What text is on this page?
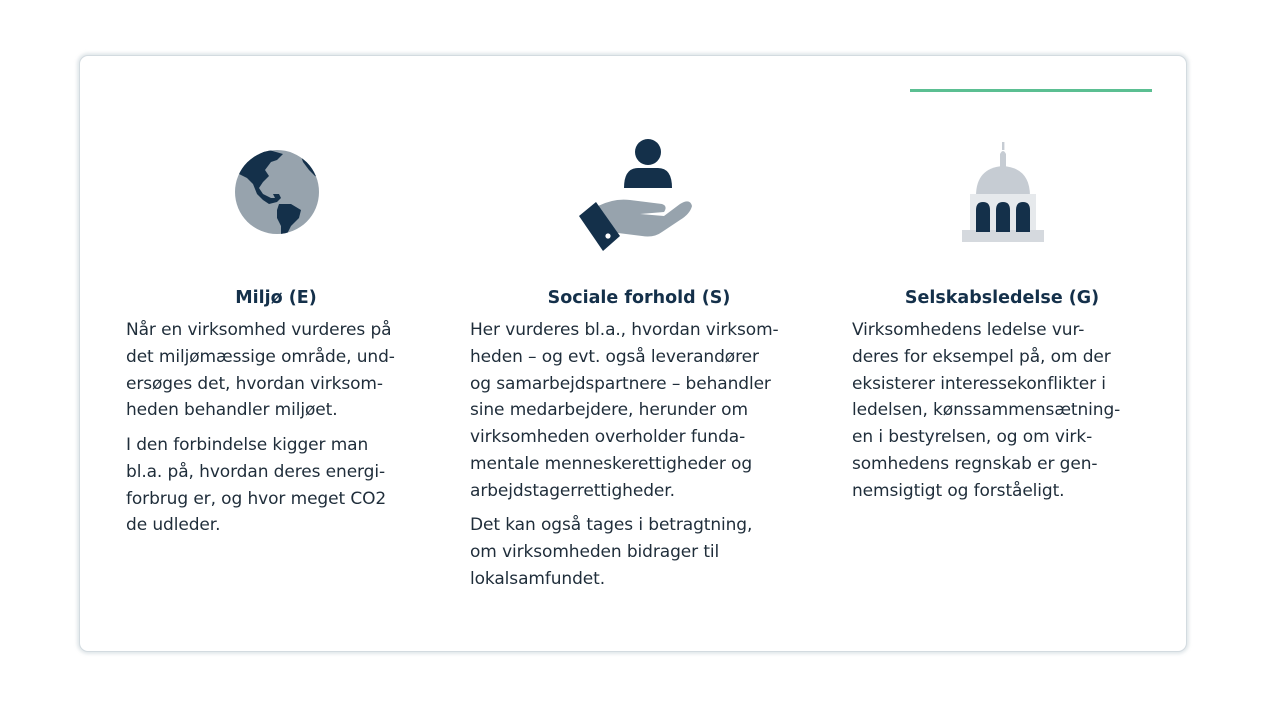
Miljø (E)

Når en virksomhed vurderes på
det miljømæssige område, und-
ersøges det, hvordan virksom-
heden behandler miljøet.

I den forbindelse kigger man
bl.a. på, hvordan deres energi-
forbrug er, og hvor meget CO2
de udleder.

Sociale forhold (S)

Her vurderes bl.a., hvordan virksom-
heden – og evt. også leverandører
og samarbejdspartnere – behandler
sine medarbejdere, herunder om
virksomheden overholder funda-
mentale menneskerettigheder og
arbejdstagerrettigheder.

Det kan også tages i betragtning,
om virksomheden bidrager til
lokalsamfundet.

Selskabsledelse (G)

Virksomhedens ledelse vur-
deres for eksempel på, om der
eksisterer interessekonflikter i
ledelsen, kønssammensætning-
en i bestyrelsen, og om virk-
somhedens regnskab er gen-
nemsigtigt og forståeligt.
